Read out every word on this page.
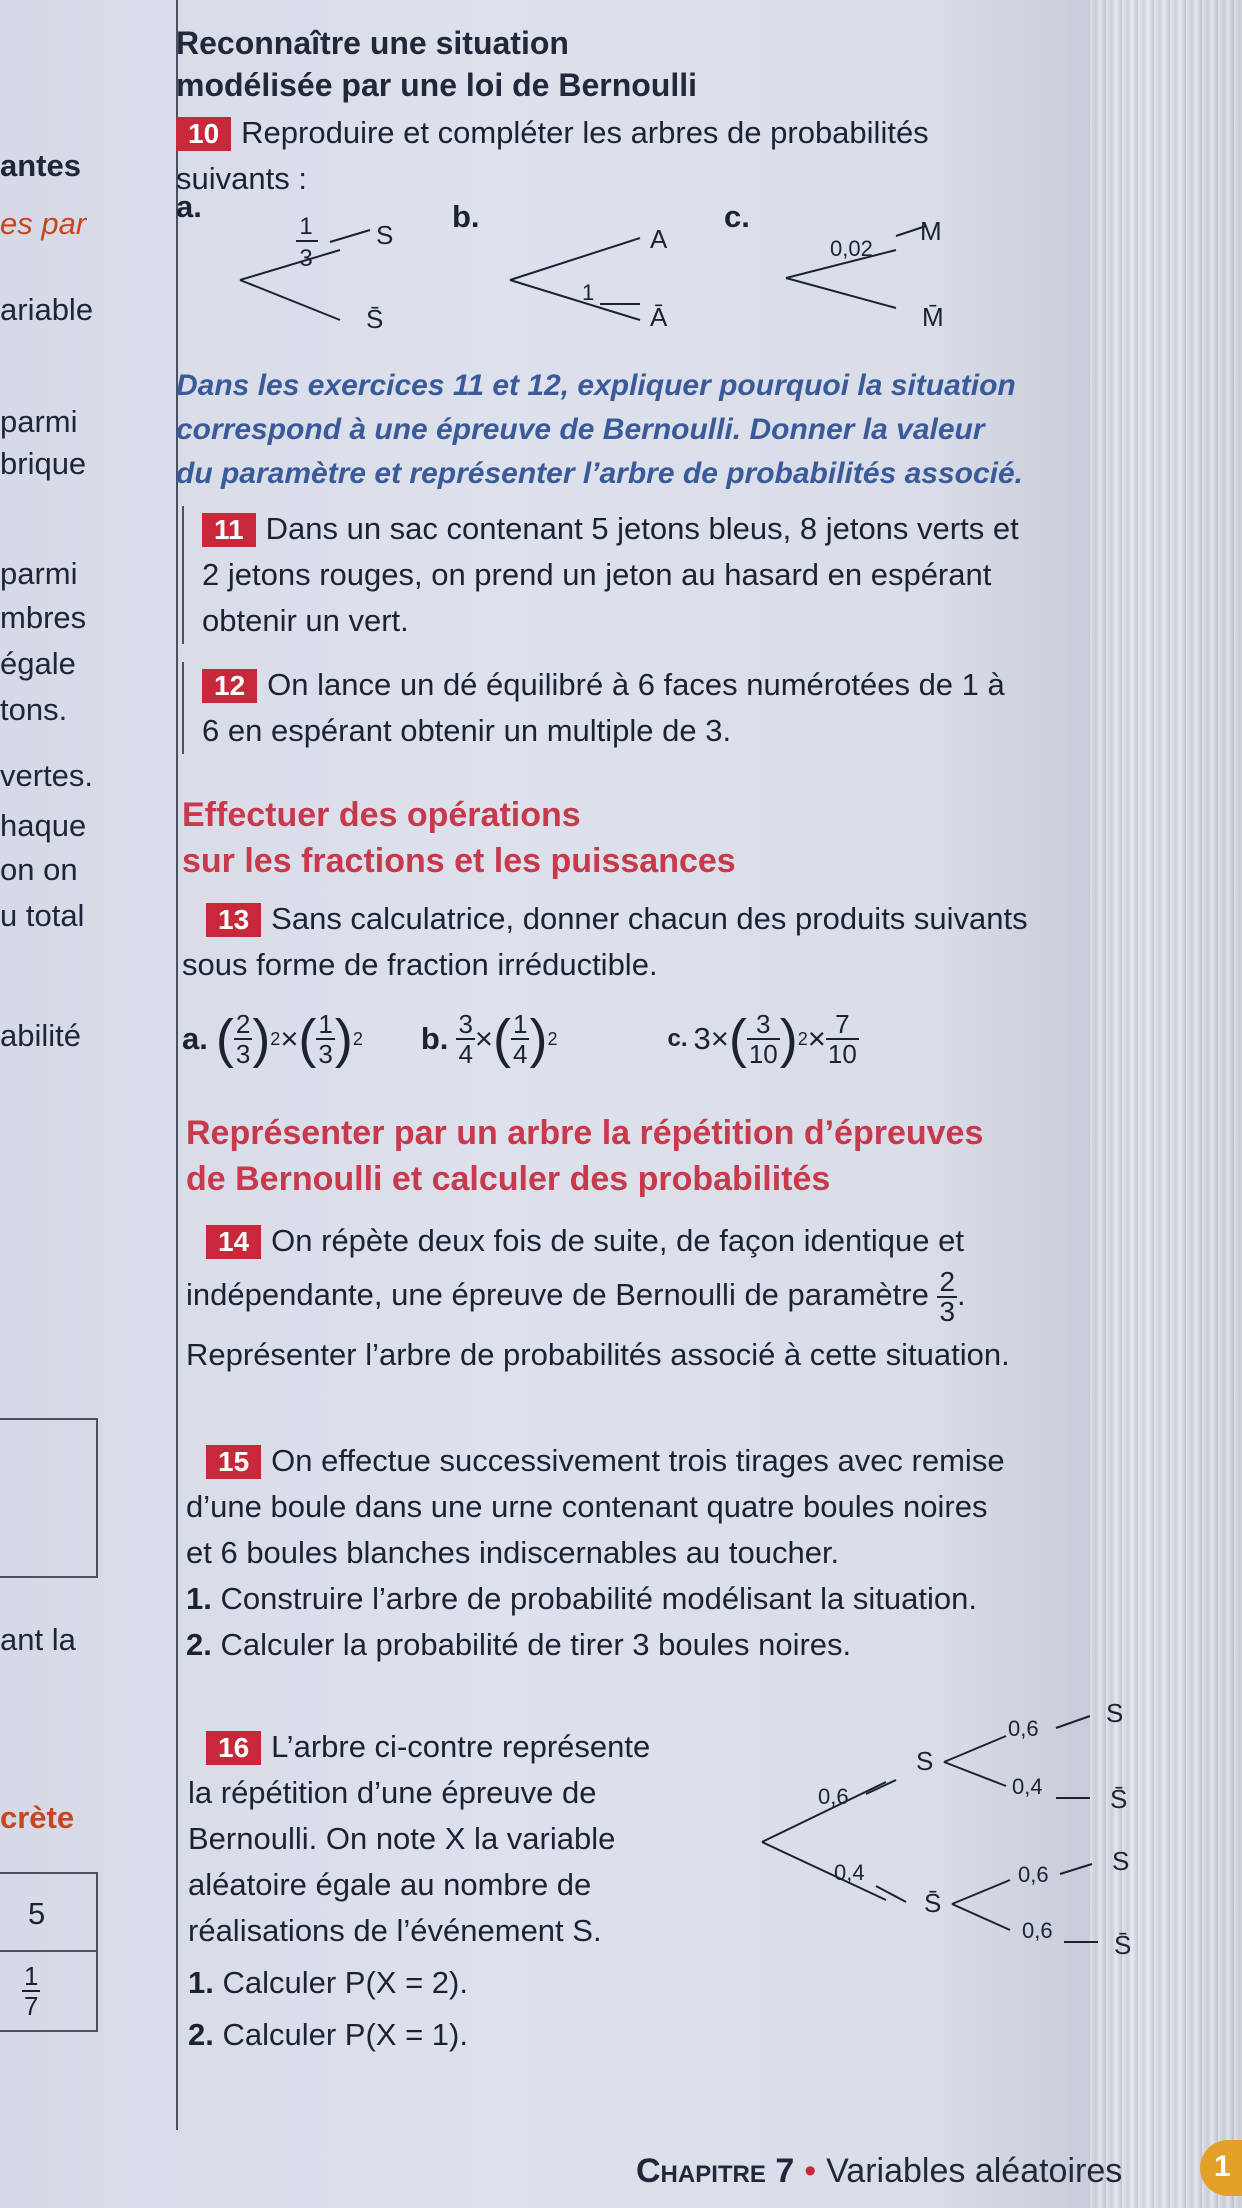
antes
es par
ariable
parmi
brique
parmi
mbres
égale
tons.
vertes.
haque
on on
u total
abilité
ant la
crète
5
$\frac{1}{7}$
Reconnaître une situation
modélisée par une loi de Bernoulli
10 Reproduire et compléter les arbres de probabilités
suivants :
a.	b.	c.
1
3
S
S̄
1
A
Ā
0,02
M
M̄
Dans les exercices 11 et 12, expliquer pourquoi la situation
correspond à une épreuve de Bernoulli. Donner la valeur
du paramètre et représenter l’arbre de probabilités associé.
11 Dans un sac contenant 5 jetons bleus, 8 jetons verts et
2 jetons rouges, on prend un jeton au hasard en espérant
obtenir un vert.
12 On lance un dé équilibré à 6 faces numérotées de 1 à
6 en espérant obtenir un multiple de 3.
Effectuer des opérations
sur les fractions et les puissances
13 Sans calculatrice, donner chacun des produits suivants
sous forme de fraction irréductible.
a. ( $\frac{2}{3}$ ) 2 × ( $\frac{1}{3}$ ) 2 b. $\frac{3}{4}$ × ( $\frac{1}{4}$ ) 2	c. 3 × ( $\frac{3}{10}$ ) $2 \times \frac{7}{10}$
Représenter par un arbre la répétition d’épreuves
de Bernoulli et calculer des probabilités
14 On répète deux fois de suite, de façon identique et
indépendante, une épreuve de Bernoulli de paramètre $\frac{2}{3}$ .
Représenter l’arbre de probabilités associé à cette situation.
15 On effectue successivement trois tirages avec remise
d’une boule dans une urne contenant quatre boules noires
et 6 boules blanches indiscernables au toucher.
1. Construire l’arbre de probabilité modélisant la situation.
2. Calculer la probabilité de tirer 3 boules noires.
16 L’arbre ci-contre représente
la répétition d’une épreuve de
Bernoulli. On note X la variable
aléatoire égale au nombre de
réalisations de l’événement S.
1. Calculer P(X = 2).
2. Calculer P(X = 1).
0,6
0,4
S
S̄
0,6
0,4
S
S̄
0,6
0,6
S
S̄
Chapitre 7 • Variables aléatoires	1
